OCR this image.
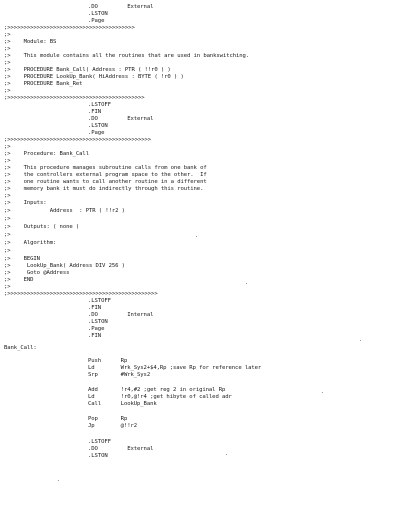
.DO         External
.LSTON
.Page
;>>>>>>>>>>>>>>>>>>>>>>>>>>>>>>>>>>>>>>>
;>
;>    Module: BS
;>
;>    This module contains all the routines that are used in bankswitching.
;>
;>    PROCEDURE Bank_Call( Address : PTR ( !!r0 ) )
;>    PROCEDURE LookUp_Bank( HiAddress : BYTE ( !r0 ) )
;>    PROCEDURE Bank_Ret
;>
;>>>>>>>>>>>>>>>>>>>>>>>>>>>>>>>>>>>>>>>>>>
.LSTOFF
.FIN
.DO         External
.LSTON
.Page
;>>>>>>>>>>>>>>>>>>>>>>>>>>>>>>>>>>>>>>>>>>>>
;>
;>    Procedure: Bank_Call
;>
;>    This procedure manages subroutine calls from one bank of
;>    the controllers external program space to the other.  If
;>    one routine wants to call another routine in a different
;>    memory bank it must do indirectly through this routine.
;>
;>    Inputs:
;>            Address  : PTR ( !!r2 )
;>
;>    Outputs: ( none )
;>
;>    Algorithm:
;>
;>    BEGIN
;>     LookUp_Bank( Address DIV 256 )
;>     Goto @Address
;>    END
;>
;>>>>>>>>>>>>>>>>>>>>>>>>>>>>>>>>>>>>>>>>>>>>>>
.LSTOFF
.FIN
.DO         Internal
.LSTON
.Page
.FIN
Bank_Call:
Push      Rp
Ld        Wrk_Sys2+$4,Rp ;save Rp for reference later
Srp       #Wrk_Sys2
Add       !r4,#2 ;get reg 2 in original Rp
Ld        !r0,@!r4 ;get hibyte of called adr
Call      LookUp_Bank
Pop       Rp
Jp        @!!r2
.LSTOFF
.DO         External
.LSTON
